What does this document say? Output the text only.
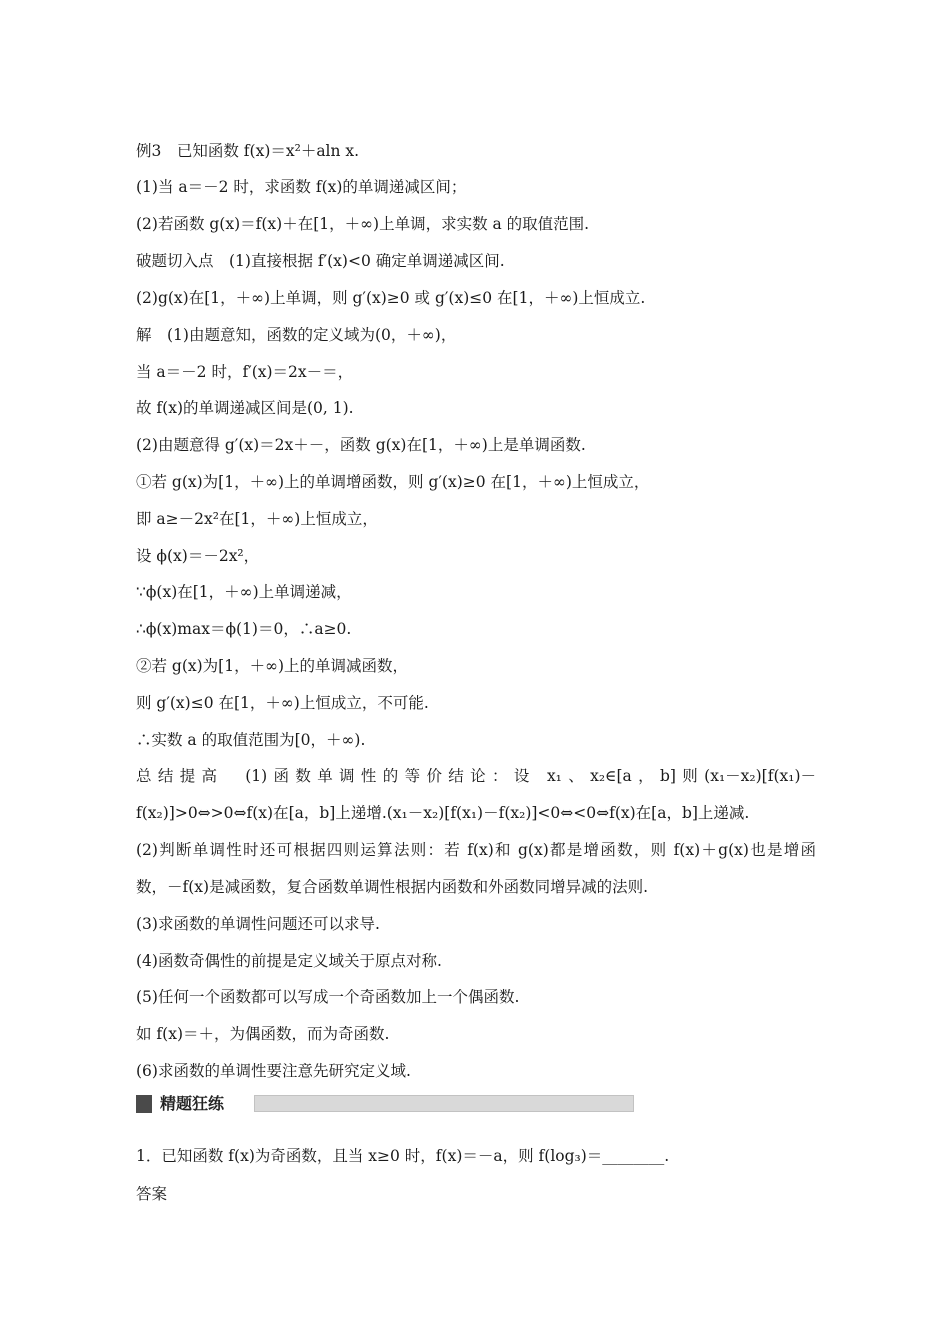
例3　已知函数 f(x)＝x²＋aln x.
(1)当 a＝－2 时，求函数 f(x)的单调递减区间；
(2)若函数 g(x)＝f(x)＋在[1，＋∞)上单调，求实数 a 的取值范围.
破题切入点　(1)直接根据 f′(x)<0 确定单调递减区间.
(2)g(x)在[1，＋∞)上单调，则 g′(x)≥0 或 g′(x)≤0 在[1，＋∞)上恒成立.
解　(1)由题意知，函数的定义域为(0，＋∞)，
当 a＝－2 时，f′(x)＝2x－＝，
故 f(x)的单调递减区间是(0, 1).
(2)由题意得 g′(x)＝2x＋－，函数 g(x)在[1，＋∞)上是单调函数.
①若 g(x)为[1，＋∞)上的单调增函数，则 g′(x)≥0 在[1，＋∞)上恒成立，
即 a≥－2x²在[1，＋∞)上恒成立，
设 ϕ(x)＝－2x²，
∵ϕ(x)在[1，＋∞)上单调递减，
∴ϕ(x)max＝ϕ(1)＝0，∴a≥0.
②若 g(x)为[1，＋∞)上的单调减函数，
则 g′(x)≤0 在[1，＋∞)上恒成立，不可能.
∴实数 a 的取值范围为[0，＋∞).
总结提高　(1)函数单调性的等价结论：设 x₁、x₂∈[a，b]则(x₁－x₂)[f(x₁)－
f(x₂)]>0⇔>0⇔f(x)在[a，b]上递增.(x₁－x₂)[f(x₁)－f(x₂)]<0⇔<0⇔f(x)在[a，b]上递减.
(2)判断单调性时还可根据四则运算法则：若 f(x)和 g(x)都是增函数，则 f(x)＋g(x)也是增函
数，－f(x)是减函数，复合函数单调性根据内函数和外函数同增异减的法则.
(3)求函数的单调性问题还可以求导.
(4)函数奇偶性的前提是定义域关于原点对称.
(5)任何一个函数都可以写成一个奇函数加上一个偶函数.
如 f(x)＝＋，为偶函数，而为奇函数.
(6)求函数的单调性要注意先研究定义域.
精题狂练
1．已知函数 f(x)为奇函数，且当 x≥0 时，f(x)＝－a，则 f(log₃)＝________.
答案
